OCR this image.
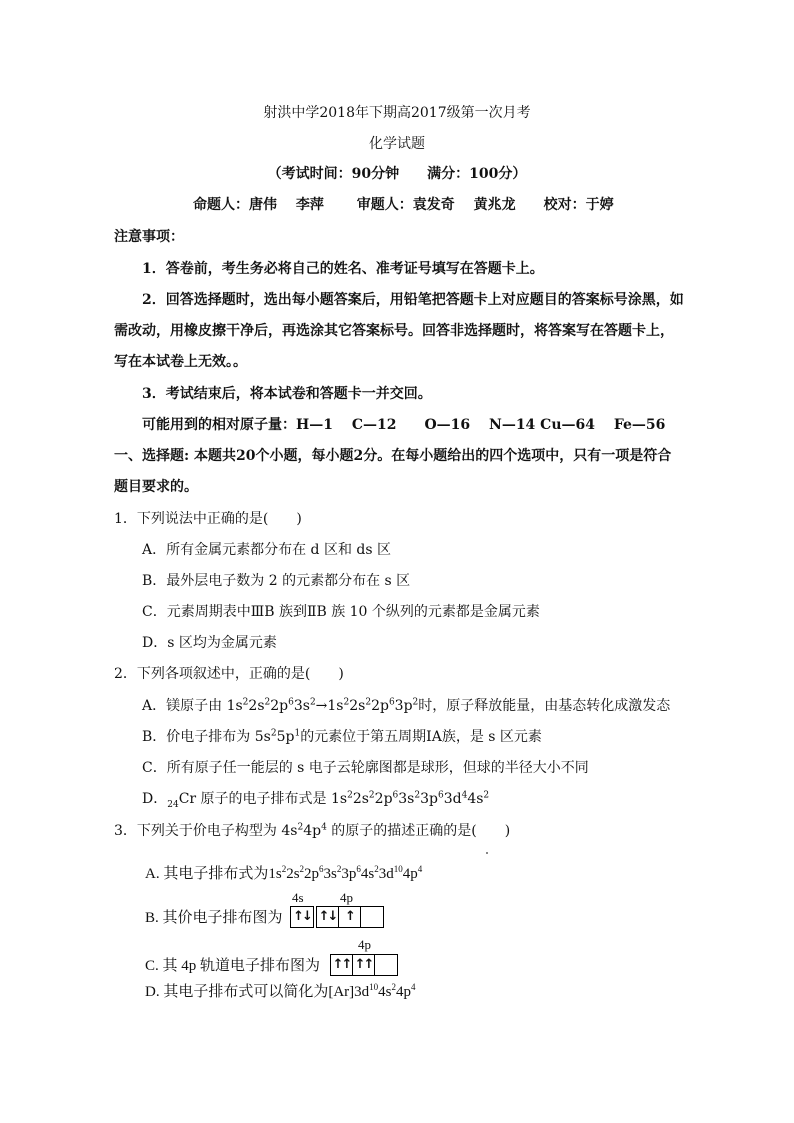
射洪中学2018年下期高2017级第一次月考
化学试题
（考试时间：90分钟　　满分：100分）
命题人：唐伟　 李萍　　 审题人：袁发奇　 黄兆龙　　校对：于婷
注意事项：
1．答卷前，考生务必将自己的姓名、准考证号填写在答题卡上。
2．回答选择题时，选出每小题答案后，用铅笔把答题卡上对应题目的答案标号涂黑，如
需改动，用橡皮擦干净后，再选涂其它答案标号。回答非选择题时，将答案写在答题卡上，
写在本试卷上无效。。
3．考试结束后，将本试卷和答题卡一并交回。
可能用到的相对原子量：H—1　 C—12　　O—16　 N—14 Cu—64　 Fe—56
一、选择题: 本题共20个小题，每小题2分。在每小题给出的四个选项中，只有一项是符合
题目要求的。
1．下列说法中正确的是(　　)
A．所有金属元素都分布在 d 区和 ds 区
B．最外层电子数为 2 的元素都分布在 s 区
C．元素周期表中ⅢB 族到ⅡB 族 10 个纵列的元素都是金属元素
D．s 区均为金属元素
2．下列各项叙述中，正确的是(　　)
A．镁原子由 $1s^22s^22p^63s^2\to 1s^22s^22p^63p^2$时，原子释放能量，由基态转化成激发态
B．价电子排布为 $5s^25p^1$的元素位于第五周期ⅠA族，是 s 区元素
C．所有原子任一能层的 s 电子云轮廓图都是球形，但球的半径大小不同
D．$_{24}$Cr 原子的电子排布式是 $1s^22s^22p^63s^23p^63d^44s^2$
3．下列关于价电子构型为 $4s^24p^4$ 的原子的描述正确的是(　　)
A. 其电子排布式为$1s^22s^22p^63s^23p^64s^23d^{10}4p^4$
4s	4p
B. 其价电子排布图为 ↑↓ ↑↓ ↑
4p
C. 其 4p 轨道电子排布图为 ↑↑ ↑↑
D. 其电子排布式可以简化为$[Ar]3d^{10}4s^24p^4$
